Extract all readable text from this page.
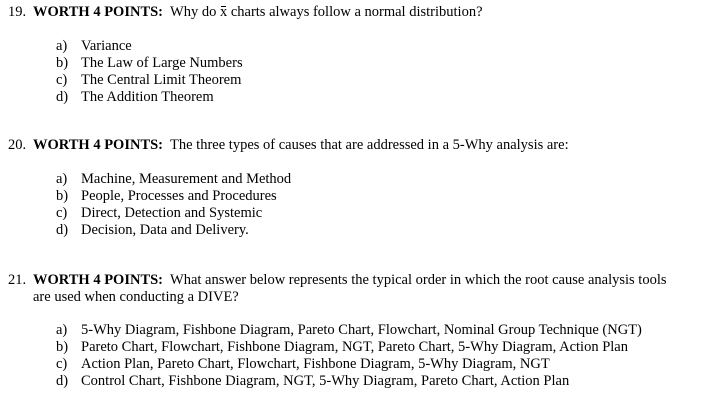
19. WORTH 4 POINTS: Why do x charts always follow a normal distribution?
a) Variance
b) The Law of Large Numbers
c) The Central Limit Theorem
d) The Addition Theorem
20. WORTH 4 POINTS: The three types of causes that are addressed in a 5-Why analysis are:
a) Machine, Measurement and Method
b) People, Processes and Procedures
c) Direct, Detection and Systemic
d) Decision, Data and Delivery.
21. WORTH 4 POINTS: What answer below represents the typical order in which the root cause analysis tools are used when conducting a DIVE?
a) 5-Why Diagram, Fishbone Diagram, Pareto Chart, Flowchart, Nominal Group Technique (NGT)
b) Pareto Chart, Flowchart, Fishbone Diagram, NGT, Pareto Chart, 5-Why Diagram, Action Plan
c) Action Plan, Pareto Chart, Flowchart, Fishbone Diagram, 5-Why Diagram, NGT
d) Control Chart, Fishbone Diagram, NGT, 5-Why Diagram, Pareto Chart, Action Plan
